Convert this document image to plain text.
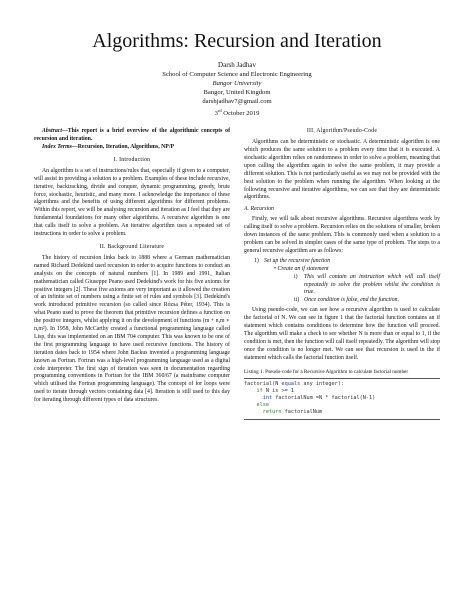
Algorithms: Recursion and Iteration
Darsh Jadhav
School of Computer Science and Electronic Engineering
Bangor University
Bangor, United Kingdom
darshjadhav7@gmail.com
3rd October 2019

Abstract—This report is a brief overview of the algorithmic concepts of recursion and iteration.

Index Terms—Recursion, Iteration, Algorithms, NP/P

I. Introduction

An algorithm is a set of instructions/rules that, especially if given to a computer, will assist in providing a solution to a problem. Examples of these include recursive, iterative, backtracking, divide and conquer, dynamic programming, greedy, brute force, stochastic, heuristic, and many more. I acknowledge the importance of these algorithms and the benefits of using different algorithms for different problems. Within this report, we will be analysing recursion and iteration as I feel that they are fundamental foundations for many other algorithms. A recursive algorithm is one that calls itself to solve a problem. An iterative algorithm uses a repeated set of instructions in order to solve a problem.

II. Background Literature

The history of recursion links back to 1888 where a German mathematician named Richard Dedekind used recursion in order to acquire functions to conduct an analysis on the concepts of natural numbers [1]. In 1989 and 1991, Italian mathematician called Giuseppe Peano used Dedekind's work for his five axioms for positive integers [2]. These five axioms are very important as it allowed the creation of an infinite set of numbers using a finite set of rules and symbols [3]. Dedekind's work introduced primitive recursion (so called since Rózsa Péter, 1934). This is what Peano used to prove the theorem that primitive recursion defines a function on the positive integers, whilst applying it on the development of functions (m + n,m ∗ n,m²). In 1958, John McCarthy created a functional programming language called Lisp, this was implemented on an IBM 704 computer. This was known to be one of the first programming language to have used recursive functions. The history of iteration dates back to 1954 where John Backus invented a programming language known as Fortran. Fortran was a high-level programming language used as a digital code interpreter. The first sign of iteration was seen in documentation regarding programming conventions in Fortran for the IBM 360/67 (a mainframe computer which utilised the Fortran programming language). The concept of for loops were used to iterate through vectors containing data [4]. Iteration is still used to this day for iterating through different types of data structures.

III. Algorithm/Pseudo-Code

Algorithms can be deterministic or stochastic. A deterministic algorithm is one which produces the same solution to a problem every time that it is executed. A stochastic algorithm relies on randomness in order to solve a problem, meaning that upon calling the algorithm again to solve the same problem, it may provide a different solution. This is not particularly useful as we may not be provided with the best solution to the problem when running the algorithm. When looking at the following recursive and iterative algorithms, we can see that they are deterministic algorithms.

A. Recursion

Firstly, we will talk about recursive algorithms. Recursive algorithms work by calling itself to solve a problem. Recursion relies on the solutions of smaller, broken down instances of the same problem. This is commonly used when a solution to a problem can be solved in simpler cases of the same type of problem. The steps to a general recursive algorithm are as follows:

1) Set up the recursive function
• Create an if statement
i)	This will contain an instruction which will call itself repeatedly to solve the problem whilst the condition is true.
ii) Once condition is false, end the function.

Using pseudo-code, we can see how a recursive algorithm is used to calculate the factorial of N. We can see in figure 1 that the factorial function contains an if statement which contains conditions to determine how the function will proceed. The algorithm will make a check to see whether N is more than or equal to 1, if the condition is met, then the function will call itself repeatedly. The algorithm will stop once the condition is no longer met. We can see that recursion is used in the if statement which calls the factorial function itself.

Listing 1. Pseudo-code for a Recursive Algorithm to calculate factorial number
factorial(N equals any integer):
if N is >= 1
int factorialNum =N * factorial(N-1)
else
return factorialNum
